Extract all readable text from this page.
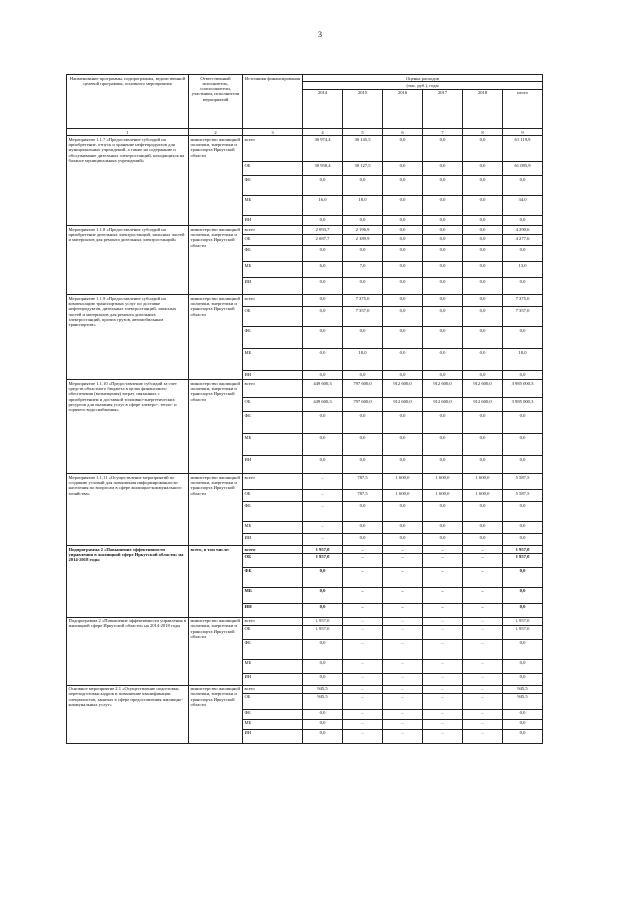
3
Наименование программы, подпрограммы, ведомственной целевой программы, основного мероприятия	Ответственный исполнитель, соисполнители, участники, исполнители мероприятий	Источники финансирования	Оценка расходов					
			(тыс. руб.), годы					
			2014	2015	2016	2017	2018	итого
1	2	3	4	5	6	7	8	9
Мероприятие 1.1.7 «Предоставление субсидий на приобретение, отпуск и хранение нефтепродуктов для муниципальных учреждений, а также на содержание и обслуживание дизельных электростанций, находящихся на балансе муниципальных учреждений»	министерство жилищной политики, энергетики и транспорта Иркутской области	всего	30 974,4	30 145,5	0,0	0,0	0,0	61 119,9
		ОБ	30 958,4	30 127,5	0,0	0,0	0,0	61 085,9
		ФБ	0,0	0,0	0,0	0,0	0,0	0,0
		МБ	16,0	18,0	0,0	0,0	0,0	34,0
		ИИ	0,0	0,0	0,0	0,0	0,0	0,0
Мероприятие 1.1.8 «Предоставление субсидий на приобретение дизельных электростанций, запасных частей и материалов для ремонта дизельных электростанций»	министерство жилищной политики, энергетики и транспорта Иркутской области	всего	2 093,7	2 196,9	0,0	0,0	0,0	4 290,6
		ОБ	2 087,7	2 189,9	0,0	0,0	0,0	4 277,6
		ФБ	0,0	0,0	0,0	0,0	0,0	0,0
		МБ	6,0	7,0	0,0	0,0	0,0	13,0
		ИИ	0,0	0,0	0,0	0,0	0,0	0,0
Мероприятие 1.1.9 «Предоставление субсидий на компенсацию транспортных услуг по доставке нефтепродуктов, дизельных электростанций, запасных частей и материалов для ремонта дизельных электростанций, прочих грузов, автомобильным транспортом»	министерство жилищной политики, энергетики и транспорта Иркутской области	всего	0,0	7 375,0	0,0	0,0	0,0	7 375,0
		ОБ	0,0	7 357,0	0,0	0,0	0,0	7 357,0
		ФБ	0,0	0,0	0,0	0,0	0,0	0,0
		МБ	0,0	18,0	0,0	0,0	0,0	18,0
		ИИ	0,0	0,0	0,0	0,0	0,0	0,0
Мероприятие 1.1.10 «Предоставление субсидий за счет средств областного бюджета в целях финансового обеспечения (возмещения) затрат, связанных с приобретением и доставкой топливно-энергетических ресурсов для оказания услуг в сфере электро-, тепло- и горячего водоснабжения»	министерство жилищной политики, энергетики и транспорта Иркутской области	всего	449 600,3	797 600,0	912 600,0	912 600,0	912 600,0	3 985 000,3
		ОБ	449 600,3	797 600,0	912 600,0	912 600,0	912 600,0	3 985 000,3
		ФБ	0,0	0,0	0,0	0,0	0,0	0,0
		МБ	0,0	0,0	0,0	0,0	0,0	0,0
		ИИ	0,0	0,0	0,0	0,0	0,0	0,0
Мероприятие 1.1.11 «Осуществление мероприятий по созданию условий для повышения информированности населения по вопросам в сфере жилищно-коммунального хозяйства»	министерство жилищной политики, энергетики и транспорта Иркутской области	всего	–	787,5	1 600,0	1 600,0	1 600,0	5 587,5
		ОБ	–	787,5	1 600,0	1 600,0	1 600,0	5 587,5
		ФБ	–	0,0	0,0	0,0	0,0	0,0
		МБ	–	0,0	0,0	0,0	0,0	0,0
		ИИ	–	0,0	0,0	0,0	0,0	0,0
Подпрограмма 2 «Повышение эффективности управления в жилищной сфере Иркутской области» на 2014-2018 годы	всего, в том числе:	всего	1 957,0	–	–	–	–	1 957,0
		ОБ	1 957,0	–	–	–	–	1 957,0
		ФБ	0,0	–	–	–	–	0,0
		МБ	0,0	–	–	–	–	0,0
		ИИ	0,0	–	–	–	–	0,0
Подпрограмма 2 «Повышение эффективности управления в жилищной сфере Иркутской области» на 2014-2018 годы	министерство жилищной политики, энергетики и транспорта Иркутской области	всего	1 957,0	–	–	–	–	1 957,0
		ОБ	1 957,0	–	–	–	–	1 957,0
		ФБ	0,0	–	–	–	–	0,0
		МБ	0,0	–	–	–	–	0,0
		ИИ	0,0	–	–	–	–	0,0
Основное мероприятие 2.1 «Осуществление подготовки, переподготовки кадров и повышение квалификации специалистов, занятых в сфере предоставления жилищно-коммунальных услуг»	министерство жилищной политики, энергетики и транспорта Иркутской области	всего	945,5	–	–	–	–	945,5
		ОБ	945,5	–	–	–	–	945,5
		ФБ	0,0	–	–	–	–	0,0
		МБ	0,0	–	–	–	–	0,0
		ИИ	0,0	–	–	–	–	0,0
